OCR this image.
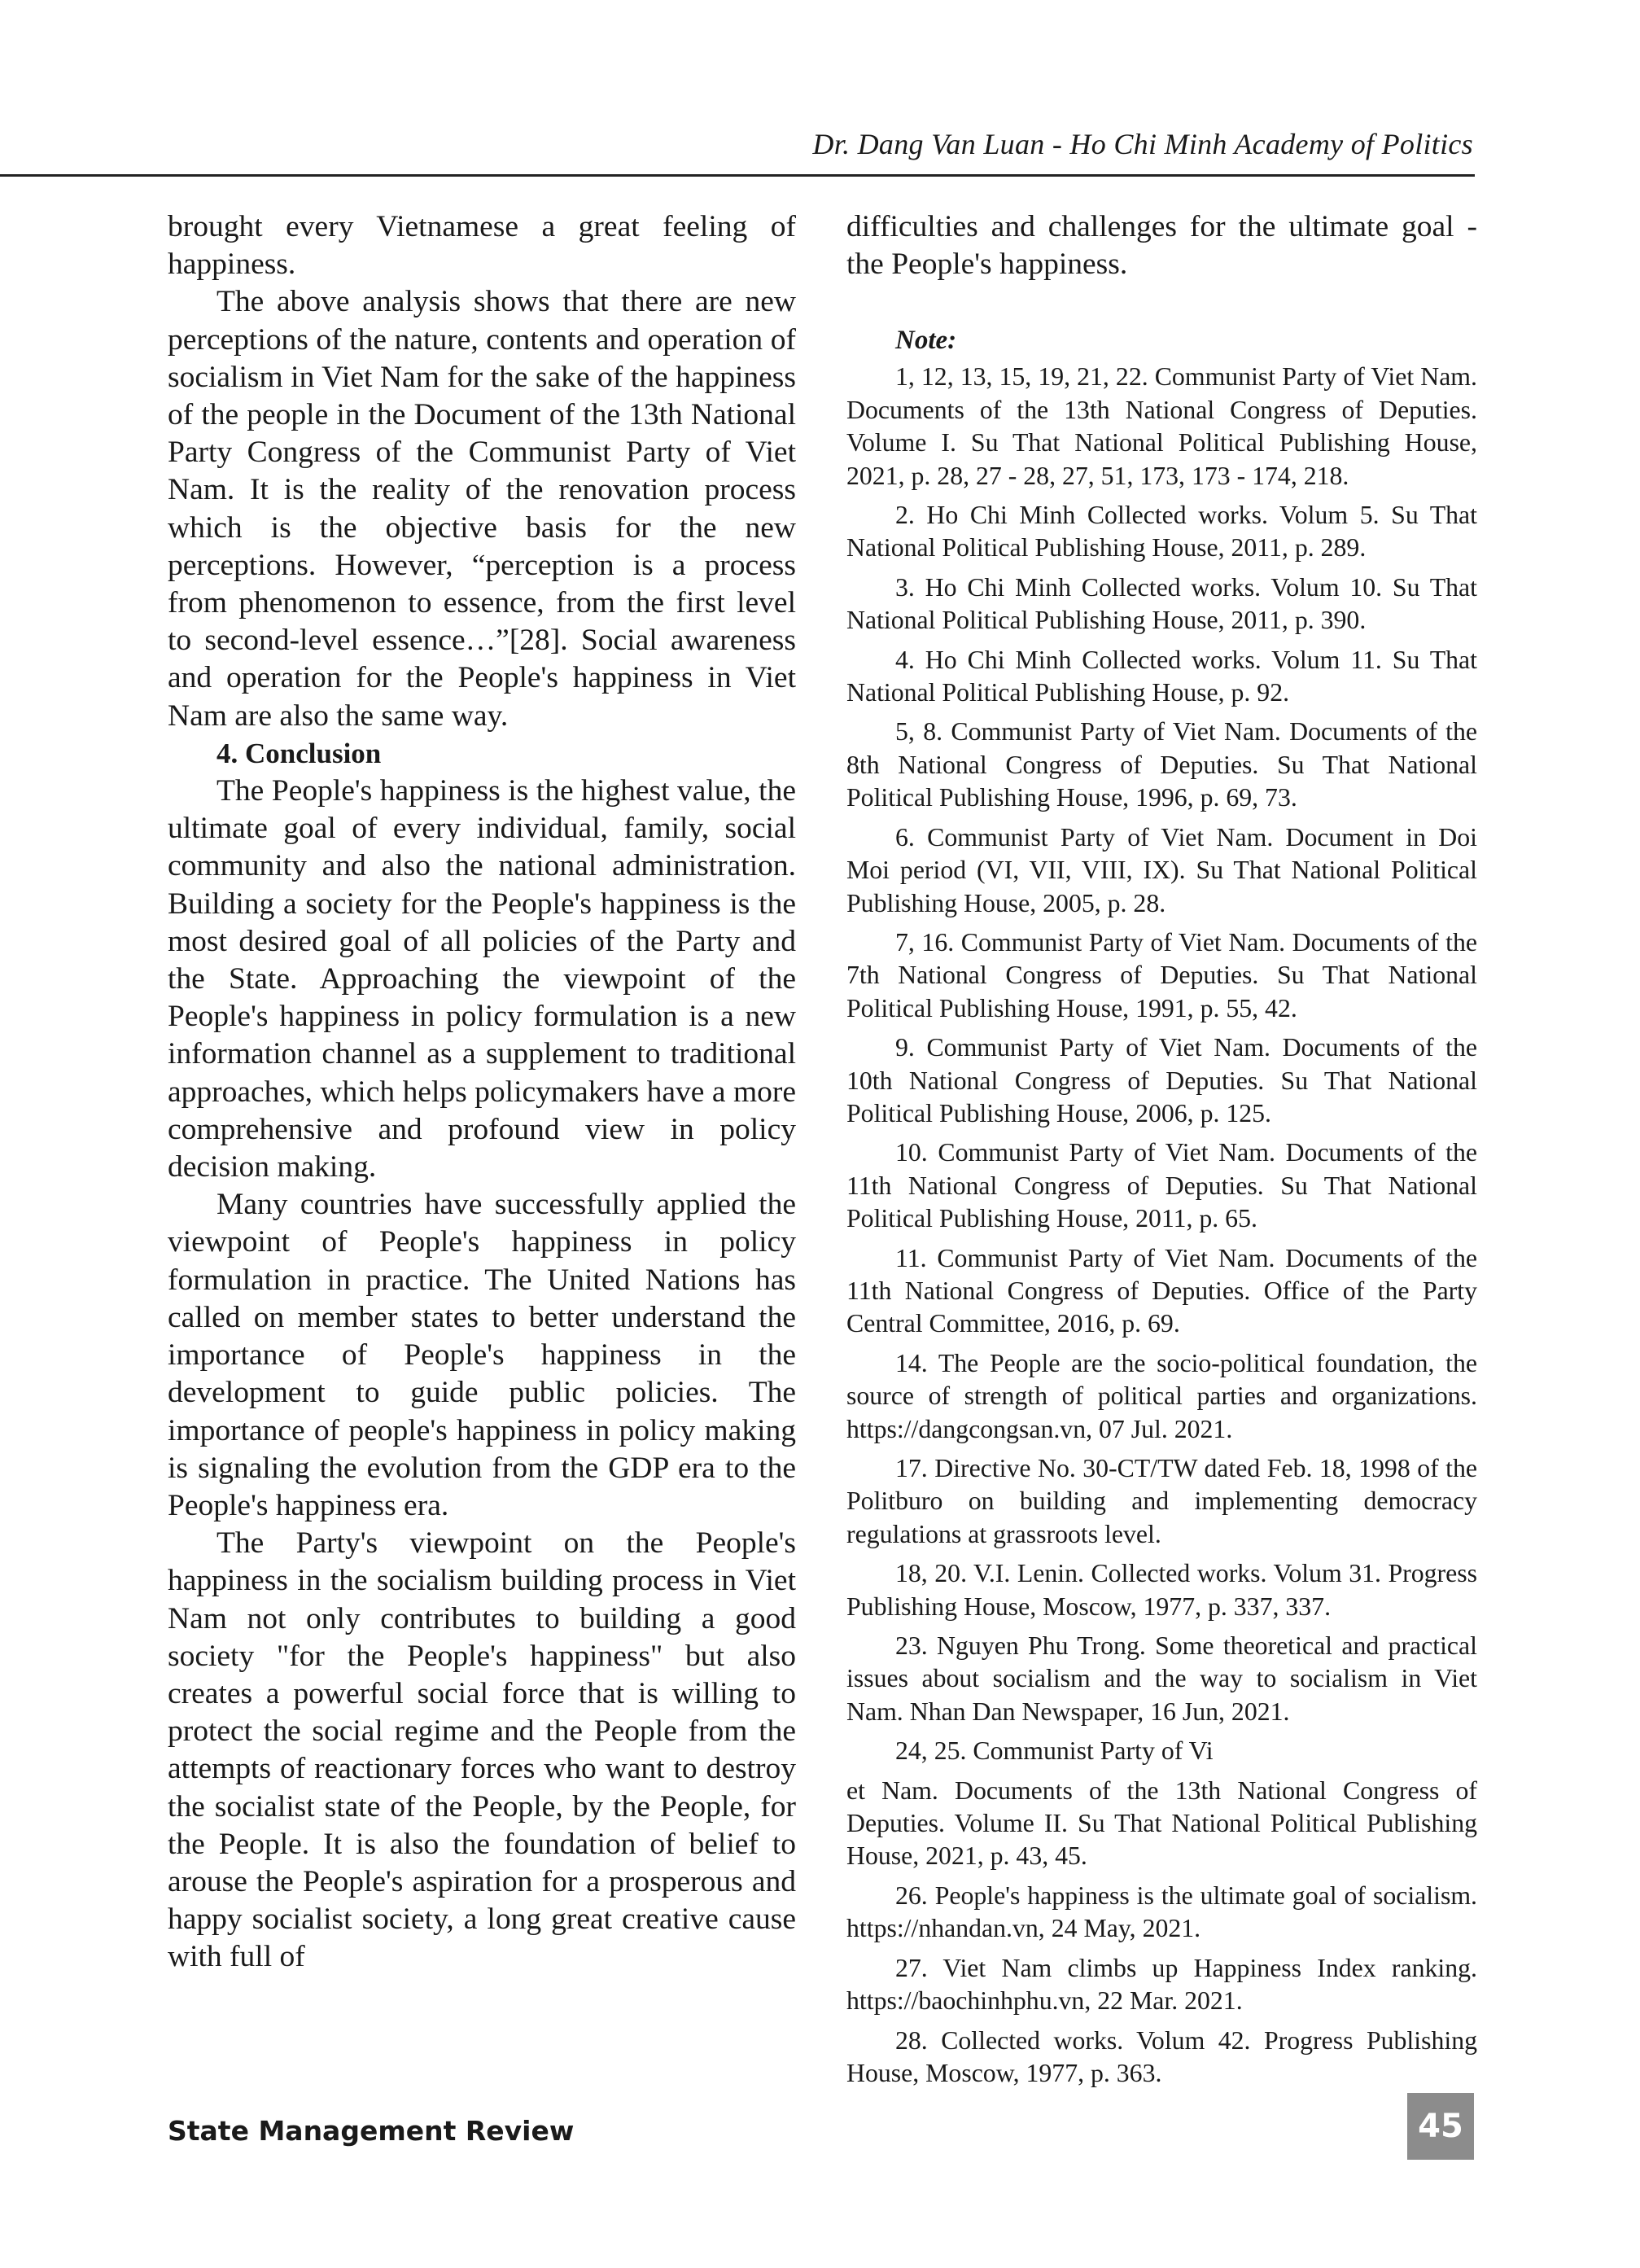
Dr. Dang Van Luan - Ho Chi Minh Academy of Politics

brought every Vietnamese a great feeling of happiness.

The above analysis shows that there are new perceptions of the nature, contents and operation of socialism in Viet Nam for the sake of the happiness of the people in the Document of the 13th National Party Congress of the Communist Party of Viet Nam. It is the reality of the renovation process which is the objective basis for the new perceptions. However, “perception is a process from phenomenon to essence, from the first level to second-level essence…”[28]. Social awareness and operation for the People's happiness in Viet Nam are also the same way.

4. Conclusion

The People's happiness is the highest value, the ultimate goal of every individual, family, social community and also the national administration. Building a society for the People's happiness is the most desired goal of all policies of the Party and the State. Approaching the viewpoint of the People's happiness in policy formulation is a new information channel as a supplement to traditional approaches, which helps policymakers have a more comprehensive and profound view in policy decision making.

Many countries have successfully applied the viewpoint of People's happiness in policy formulation in practice. The United Nations has called on member states to better understand the importance of People's happiness in the development to guide public policies. The importance of people's happiness in policy making is signaling the evolution from the GDP era to the People's happiness era.

The Party's viewpoint on the People's happiness in the socialism building process in Viet Nam not only contributes to building a good society "for the People's happiness" but also creates a powerful social force that is willing to protect the social regime and the People from the attempts of reactionary forces who want to destroy the socialist state of the People, by the People, for the People. It is also the foundation of belief to arouse the People's aspiration for a prosperous and happy socialist society, a long great creative cause with full of

difficulties and challenges for the ultimate goal - the People's happiness.

Note:

1, 12, 13, 15, 19, 21, 22. Communist Party of Viet Nam. Documents of the 13th National Congress of Deputies. Volume I. Su That National Political Publishing House, 2021, p. 28, 27 - 28, 27, 51, 173, 173 - 174, 218.

2. Ho Chi Minh Collected works. Volum 5. Su That National Political Publishing House, 2011, p. 289.

3. Ho Chi Minh Collected works. Volum 10. Su That National Political Publishing House, 2011, p. 390.

4. Ho Chi Minh Collected works. Volum 11. Su That National Political Publishing House, p. 92.

5, 8. Communist Party of Viet Nam. Documents of the 8th National Congress of Deputies. Su That National Political Publishing House, 1996, p. 69, 73.

6. Communist Party of Viet Nam. Document in Doi Moi period (VI, VII, VIII, IX). Su That National Political Publishing House, 2005, p. 28.

7, 16. Communist Party of Viet Nam. Documents of the 7th National Congress of Deputies. Su That National Political Publishing House, 1991, p. 55, 42.

9. Communist Party of Viet Nam. Documents of the 10th National Congress of Deputies. Su That National Political Publishing House, 2006, p. 125.

10. Communist Party of Viet Nam. Documents of the 11th National Congress of Deputies. Su That National Political Publishing House, 2011, p. 65.

11. Communist Party of Viet Nam. Documents of the 11th National Congress of Deputies. Office of the Party Central Committee, 2016, p. 69.

14. The People are the socio-political foundation, the source of strength of political parties and organizations. https://dangcongsan.vn, 07 Jul. 2021.

17. Directive No. 30-CT/TW dated Feb. 18, 1998 of the Politburo on building and implementing democracy regulations at grassroots level.

18, 20. V.I. Lenin. Collected works. Volum 31. Progress Publishing House, Moscow, 1977, p. 337, 337.

23. Nguyen Phu Trong. Some theoretical and practical issues about socialism and the way to socialism in Viet Nam. Nhan Dan Newspaper, 16 Jun, 2021.

24, 25. Communist Party of Vi

et Nam. Documents of the 13th National Congress of Deputies. Volume II. Su That National Political Publishing House, 2021, p. 43, 45.

26. People's happiness is the ultimate goal of socialism. https://nhandan.vn, 24 May, 2021.

27. Viet Nam climbs up Happiness Index ranking. https://baochinhphu.vn, 22 Mar. 2021.

28. Collected works. Volum 42. Progress Publishing House, Moscow, 1977, p. 363.

State Management Review	45
